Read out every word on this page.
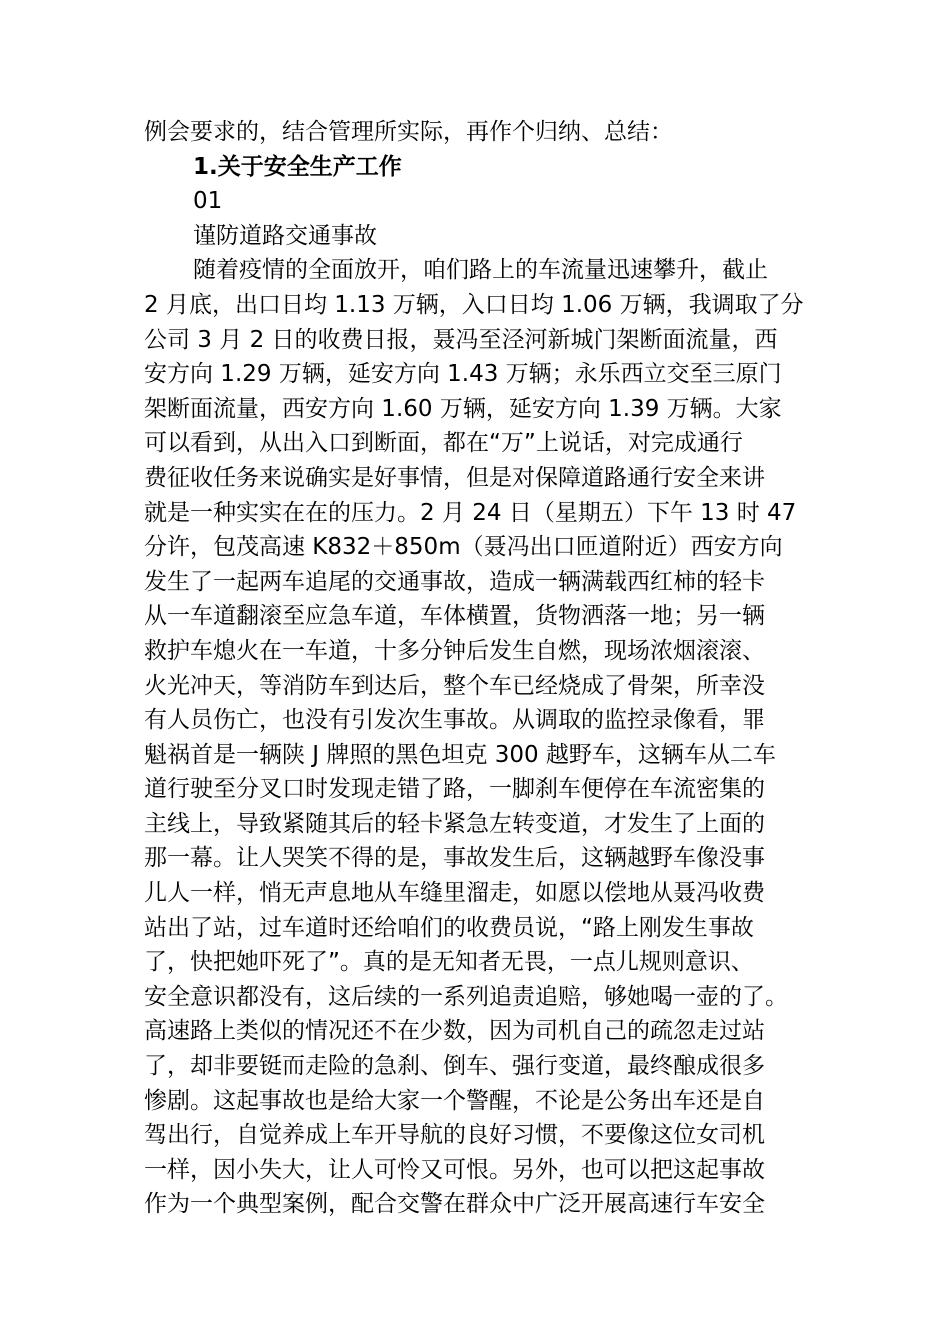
例会要求的，结合管理所实际，再作个归纳、总结：
1.关于安全生产工作
01
谨防道路交通事故
随着疫情的全面放开，咱们路上的车流量迅速攀升，截止
2 月底，出口日均 1.13 万辆，入口日均 1.06 万辆，我调取了分
公司 3 月 2 日的收费日报，聂冯至泾河新城门架断面流量，西
安方向 1.29 万辆，延安方向 1.43 万辆；永乐西立交至三原门
架断面流量，西安方向 1.60 万辆，延安方向 1.39 万辆。大家
可以看到，从出入口到断面，都在“万”上说话，对完成通行
费征收任务来说确实是好事情，但是对保障道路通行安全来讲
就是一种实实在在的压力。2 月 24 日（星期五）下午 13 时 47
分许，包茂高速 K832＋850m（聂冯出口匝道附近）西安方向
发生了一起两车追尾的交通事故，造成一辆满载西红柿的轻卡
从一车道翻滚至应急车道，车体横置，货物洒落一地；另一辆
救护车熄火在一车道，十多分钟后发生自燃，现场浓烟滚滚、
火光冲天，等消防车到达后，整个车已经烧成了骨架，所幸没
有人员伤亡，也没有引发次生事故。从调取的监控录像看，罪
魁祸首是一辆陕 J 牌照的黑色坦克 300 越野车，这辆车从二车
道行驶至分叉口时发现走错了路，一脚刹车便停在车流密集的
主线上，导致紧随其后的轻卡紧急左转变道，才发生了上面的
那一幕。让人哭笑不得的是，事故发生后，这辆越野车像没事
儿人一样，悄无声息地从车缝里溜走，如愿以偿地从聂冯收费
站出了站，过车道时还给咱们的收费员说，“路上刚发生事故
了，快把她吓死了”。真的是无知者无畏，一点儿规则意识、
安全意识都没有，这后续的一系列追责追赔，够她喝一壶的了。
高速路上类似的情况还不在少数，因为司机自己的疏忽走过站
了，却非要铤而走险的急刹、倒车、强行变道，最终酿成很多
惨剧。这起事故也是给大家一个警醒，不论是公务出车还是自
驾出行，自觉养成上车开导航的良好习惯，不要像这位女司机
一样，因小失大，让人可怜又可恨。另外，也可以把这起事故
作为一个典型案例，配合交警在群众中广泛开展高速行车安全
